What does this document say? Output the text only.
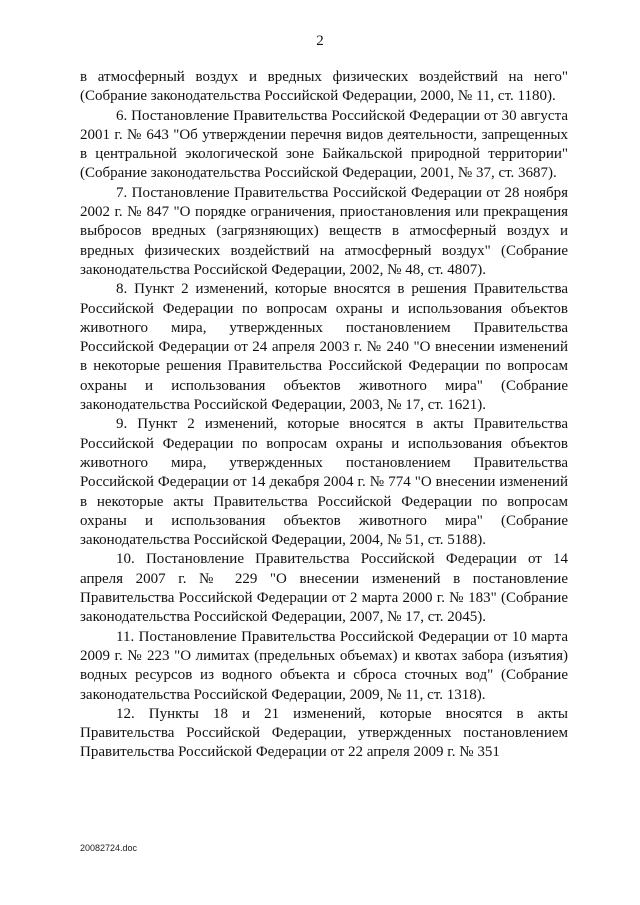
2

в атмосферный воздух и вредных физических воздействий на него" (Собрание законодательства Российской Федерации, 2000, № 11, ст. 1180).

6. Постановление Правительства Российской Федерации от 30 августа 2001 г. № 643 "Об утверждении перечня видов деятельности, запрещенных в центральной экологической зоне Байкальской природной территории" (Собрание законодательства Российской Федерации, 2001, № 37, ст. 3687).

7. Постановление Правительства Российской Федерации от 28 ноября 2002 г. № 847 "О порядке ограничения, приостановления или прекращения выбросов вредных (загрязняющих) веществ в атмосферный воздух и вредных физических воздействий на атмосферный воздух" (Собрание законодательства Российской Федерации, 2002, № 48, ст. 4807).

8. Пункт 2 изменений, которые вносятся в решения Правительства Российской Федерации по вопросам охраны и использования объектов животного мира, утвержденных постановлением Правительства Российской Федерации от 24 апреля 2003 г. № 240 "О внесении изменений в некоторые решения Правительства Российской Федерации по вопросам охраны и использования объектов животного мира" (Собрание законодательства Российской Федерации, 2003, № 17, ст. 1621).

9. Пункт 2 изменений, которые вносятся в акты Правительства Российской Федерации по вопросам охраны и использования объектов животного мира, утвержденных постановлением Правительства Российской Федерации от 14 декабря 2004 г. № 774 "О внесении изменений в некоторые акты Правительства Российской Федерации по вопросам охраны и использования объектов животного мира" (Собрание законодательства Российской Федерации, 2004, № 51, ст. 5188).

10. Постановление Правительства Российской Федерации от 14 апреля 2007 г. № 229 "О внесении изменений в постановление Правительства Российской Федерации от 2 марта 2000 г. № 183" (Собрание законодательства Российской Федерации, 2007, № 17, ст. 2045).

11. Постановление Правительства Российской Федерации от 10 марта 2009 г. № 223 "О лимитах (предельных объемах) и квотах забора (изъятия) водных ресурсов из водного объекта и сброса сточных вод" (Собрание законодательства Российской Федерации, 2009, № 11, ст. 1318).

12. Пункты 18 и 21 изменений, которые вносятся в акты Правительства Российской Федерации, утвержденных постановлением Правительства Российской Федерации от 22 апреля 2009 г. № 351

20082724.doc
